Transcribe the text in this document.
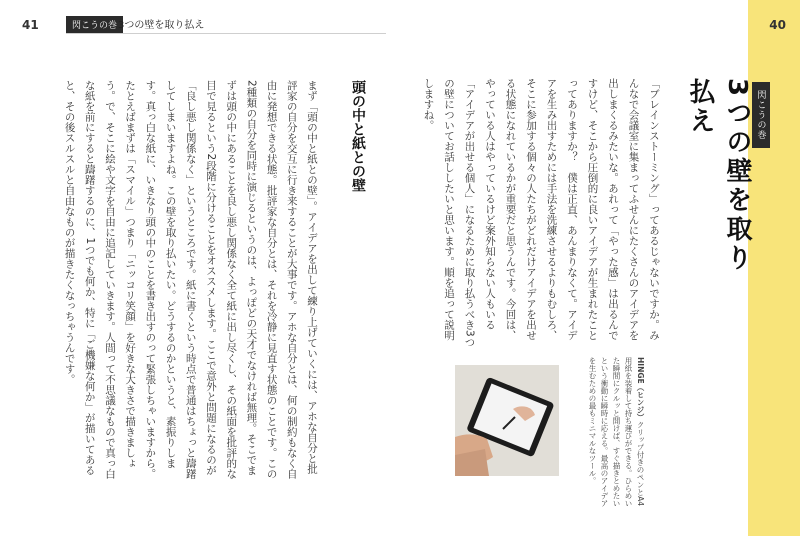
41	閃こうの巻 3つの壁を取り払え	40
閃こうの巻
3つの壁を取り払え
「ブレインストーミング」ってあるじゃないですか。みんなで会議室に集まってふせんにたくさんのアイデアを出しまくるみたいな。あれって「やった感」は出るんですけど、そこから圧倒的に良いアイデアが生まれたことってありますか？　僕は正直、あんまりなくて。アイデアを生み出すためには手法を洗練させるよりもむしろ、そこに参加する個々の人たちがどれだけアイデアを出せる状態になれているかが重要だと思うんです。今回は、やっている人はやっているけど案外知らない人もいる「アイデアが出せる個人」になるために取り払うべき3つの壁についてお話ししたいと思います。順を追って説明しますね。
HINGE（ヒンジ）クリップ付きのペンとA4用紙を装着して持ち運びができる。ひらめいた瞬間にクルッと開けば、すぐ描きとめたいという衝動に瞬時に応える。最高のアイデアを生むための最もミニマルなツール。
頭の中と紙との壁
まず「頭の中と紙との壁」。アイデアを出して練り上げていくには、アホな自分と批評家の自分を交互に行き来することが大事です。アホな自分とは、何の制約もなく自由に発想できる状態。批評家な自分とは、それを冷静に見直す状態のことです。この2種類の自分を同時に演じるというのは、よっぽどの天才でなければ無理。そこでまずは頭の中にあることを良し悪し関係なく全て紙に出し尽くし、その紙面を批評的な目で見るという2段階に分けることをオススメします。ここで意外と問題になるのが「良し悪し関係なく」というところです。紙に書くという時点で普通はちょっと躊躇してしまいますよね。この壁を取り払いたい。どうするのかというと、素振りします。真っ白な紙に、いきなり頭の中のことを書き出すのって緊張しちゃいますから。たとえばまずは「スマイル」つまり「ニッコリ笑顔」を好きな大きさで描きましょう。で、そこに絵や文字を自由に追記していきます。人間って不思議なもので真っ白な紙を前にすると躊躇するのに、1つでも何か、特に「ご機嫌な何か」が描いてあると、その後スルスルと自由なものが描きたくなっちゃうんです。
